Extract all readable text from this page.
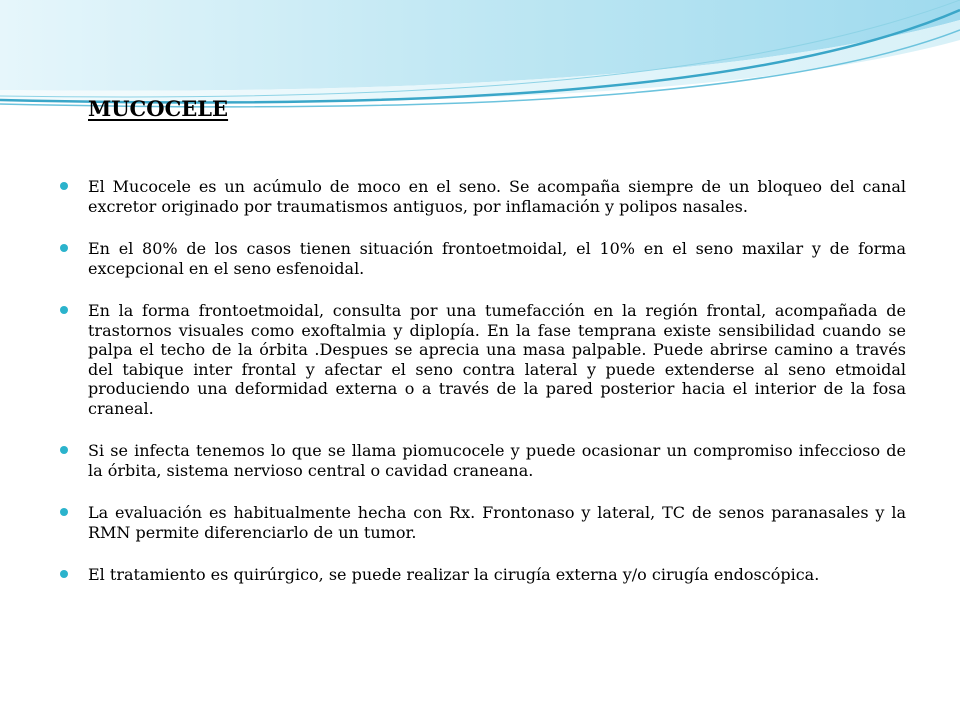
MUCOCELE
El Mucocele es un acúmulo de moco en el seno. Se acompaña siempre de un bloqueo del canal excretor originado por traumatismos antiguos, por inflamación y polipos nasales.
En el 80% de los casos tienen situación frontoetmoidal, el 10% en el seno maxilar y de forma excepcional en el seno esfenoidal.
En la forma frontoetmoidal, consulta por una tumefacción en la región frontal, acompañada de trastornos visuales como exoftalmia y diplopía. En la fase temprana existe sensibilidad cuando se palpa el techo de la órbita .Despues se aprecia una masa palpable. Puede abrirse camino a través del tabique inter frontal y afectar el seno contra lateral y puede extenderse al seno etmoidal produciendo una deformidad externa o a través de la pared posterior hacia el interior de la fosa craneal.
Si se infecta tenemos lo que se llama piomucocele y puede ocasionar un compromiso infeccioso de la órbita, sistema nervioso central o cavidad craneana.
La evaluación es habitualmente hecha con Rx. Frontonaso y lateral, TC de senos paranasales y la RMN permite diferenciarlo de un tumor.
El tratamiento es quirúrgico, se puede realizar la cirugía externa y/o cirugía endoscópica.
